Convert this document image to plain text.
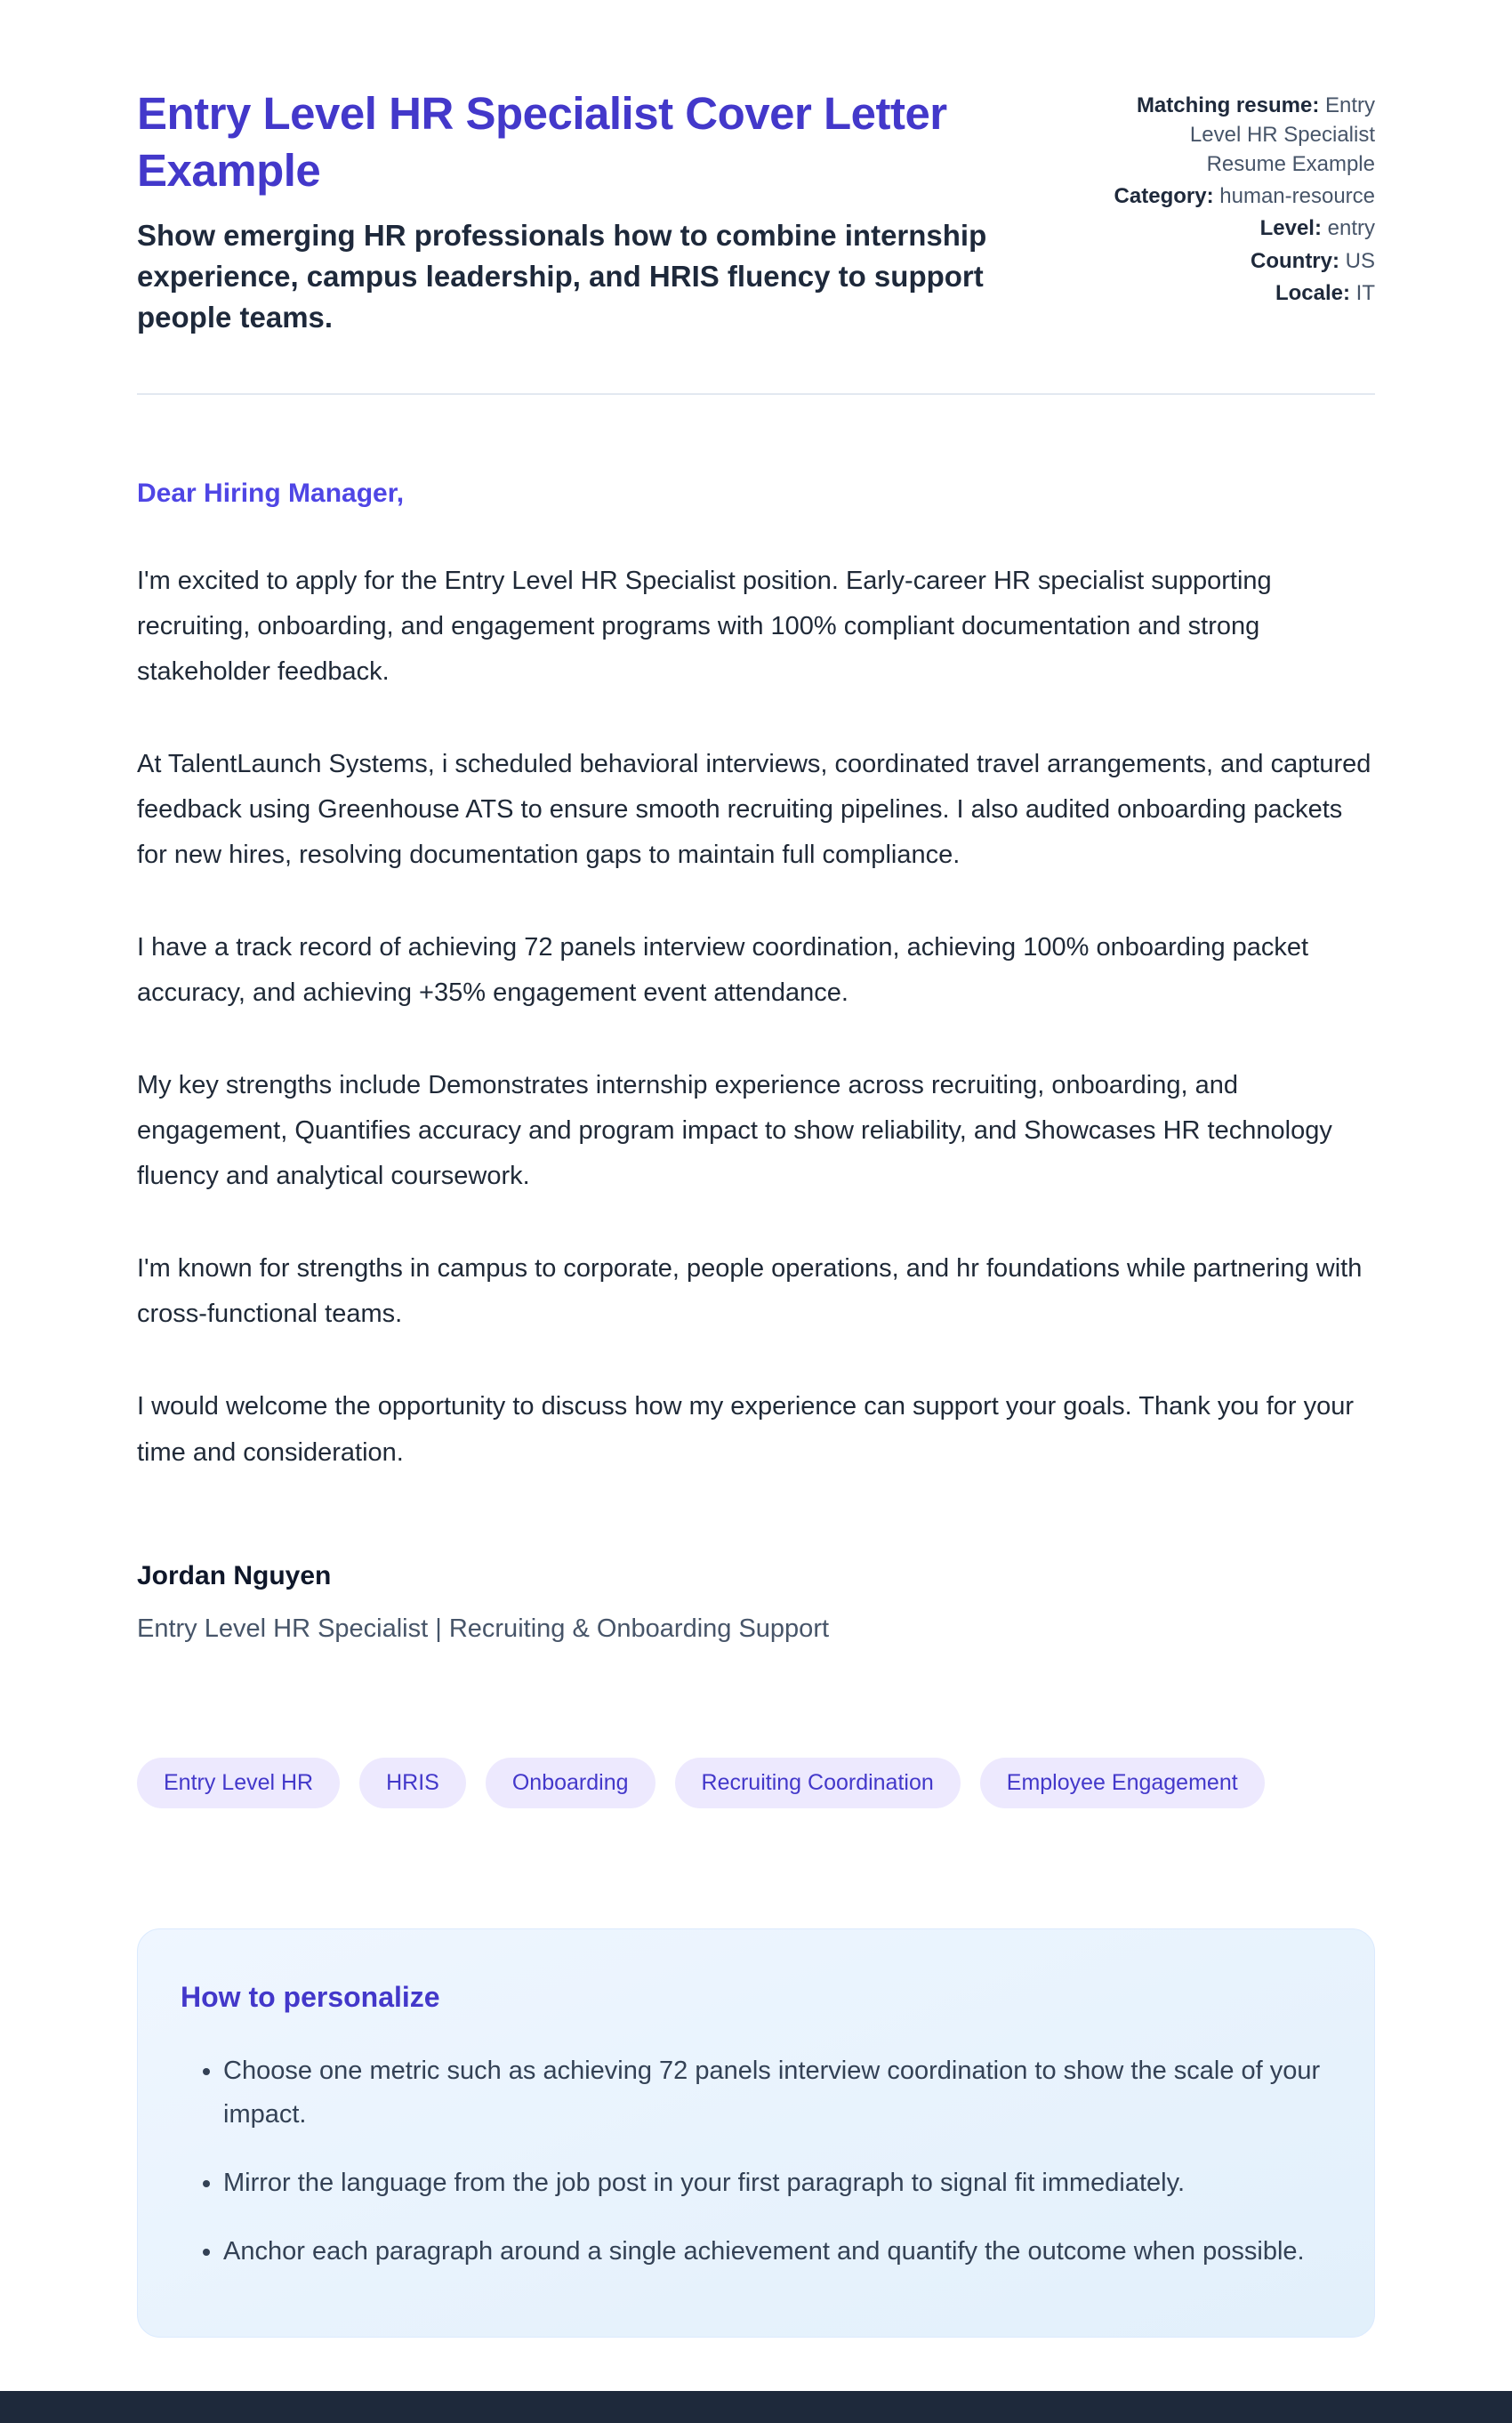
Entry Level HR Specialist Cover Letter Example
Show emerging HR professionals how to combine internship experience, campus leadership, and HRIS fluency to support people teams.
Matching resume: Entry Level HR Specialist Resume Example
Category: human-resource
Level: entry
Country: US
Locale: IT
Dear Hiring Manager,

I'm excited to apply for the Entry Level HR Specialist position. Early-career HR specialist supporting recruiting, onboarding, and engagement programs with 100% compliant documentation and strong stakeholder feedback.

At TalentLaunch Systems, i scheduled behavioral interviews, coordinated travel arrangements, and captured feedback using Greenhouse ATS to ensure smooth recruiting pipelines. I also audited onboarding packets for new hires, resolving documentation gaps to maintain full compliance.

I have a track record of achieving 72 panels interview coordination, achieving 100% onboarding packet accuracy, and achieving +35% engagement event attendance.

My key strengths include Demonstrates internship experience across recruiting, onboarding, and engagement, Quantifies accuracy and program impact to show reliability, and Showcases HR technology fluency and analytical coursework.

I'm known for strengths in campus to corporate, people operations, and hr foundations while partnering with cross-functional teams.

I would welcome the opportunity to discuss how my experience can support your goals. Thank you for your time and consideration.

Jordan Nguyen
Entry Level HR Specialist | Recruiting & Onboarding Support
Entry Level HR	HRIS	Onboarding	Recruiting Coordination	Employee Engagement
How to personalize
• Choose one metric such as achieving 72 panels interview coordination to show the scale of your impact.
• Mirror the language from the job post in your first paragraph to signal fit immediately.
• Anchor each paragraph around a single achievement and quantify the outcome when possible.
